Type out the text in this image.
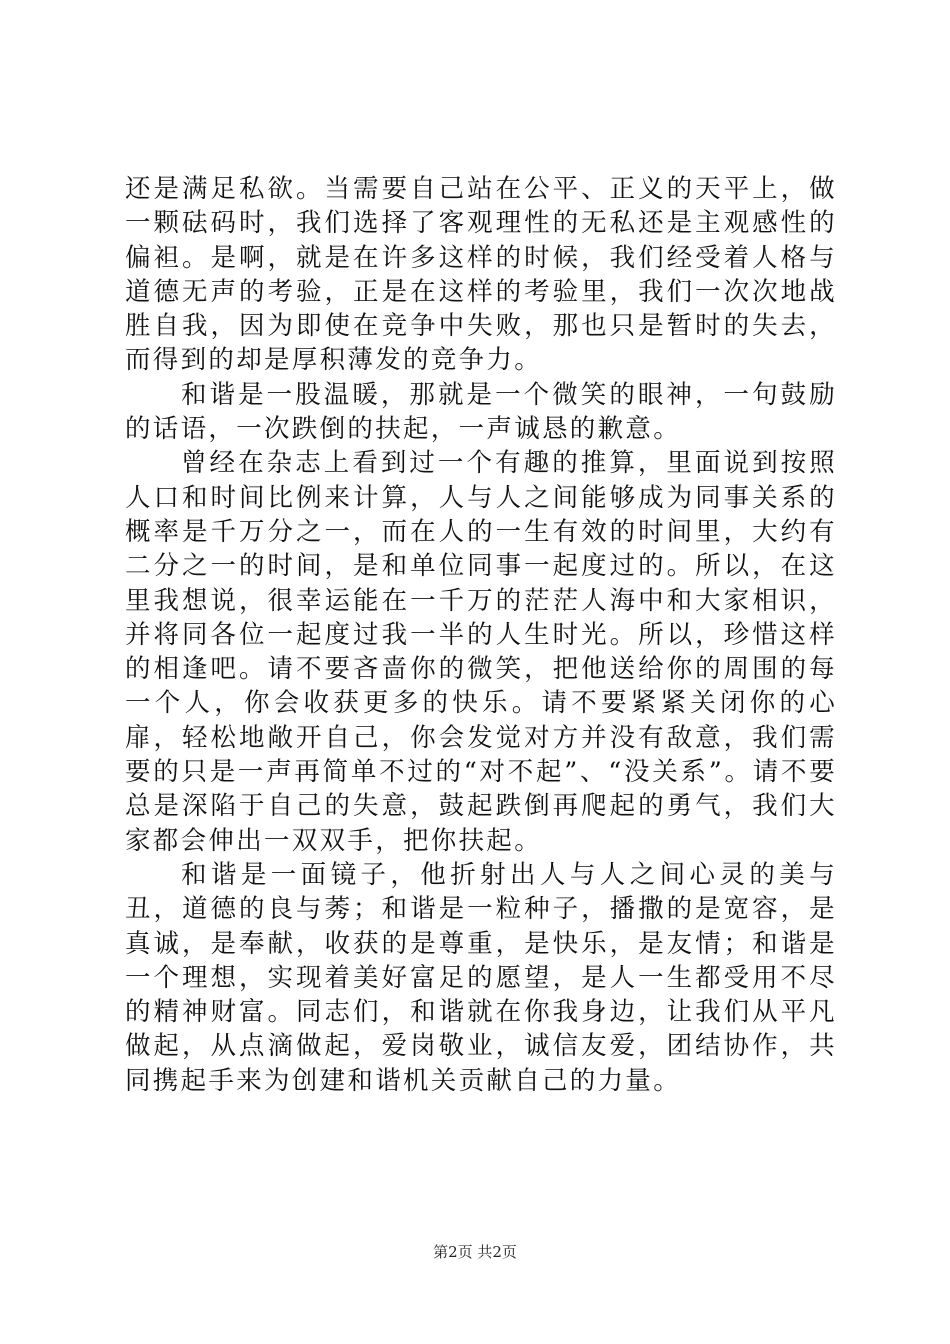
还是满足私欲。当需要自己站在公平、正义的天平上，做一颗砝码时，我们选择了客观理性的无私还是主观感性的偏袒。是啊，就是在许多这样的时候，我们经受着人格与道德无声的考验，正是在这样的考验里，我们一次次地战胜自我，因为即使在竞争中失败，那也只是暂时的失去，而得到的却是厚积薄发的竞争力。

和谐是一股温暖，那就是一个微笑的眼神，一句鼓励的话语，一次跌倒的扶起，一声诚恳的歉意。

曾经在杂志上看到过一个有趣的推算，里面说到按照人口和时间比例来计算，人与人之间能够成为同事关系的概率是千万分之一，而在人的一生有效的时间里，大约有二分之一的时间，是和单位同事一起度过的。所以，在这里我想说，很幸运能在一千万的茫茫人海中和大家相识，并将同各位一起度过我一半的人生时光。所以，珍惜这样的相逢吧。请不要吝啬你的微笑，把他送给你的周围的每一个人，你会收获更多的快乐。请不要紧紧关闭你的心扉，轻松地敞开自己，你会发觉对方并没有敌意，我们需要的只是一声再简单不过的“对不起”、“没关系”。请不要总是深陷于自己的失意，鼓起跌倒再爬起的勇气，我们大家都会伸出一双双手，把你扶起。

和谐是一面镜子，他折射出人与人之间心灵的美与丑，道德的良与莠；和谐是一粒种子，播撒的是宽容，是真诚，是奉献，收获的是尊重，是快乐，是友情；和谐是一个理想，实现着美好富足的愿望，是人一生都受用不尽的精神财富。同志们，和谐就在你我身边，让我们从平凡做起，从点滴做起，爱岗敬业，诚信友爱，团结协作，共同携起手来为创建和谐机关贡献自己的力量。

第2页 共2页
